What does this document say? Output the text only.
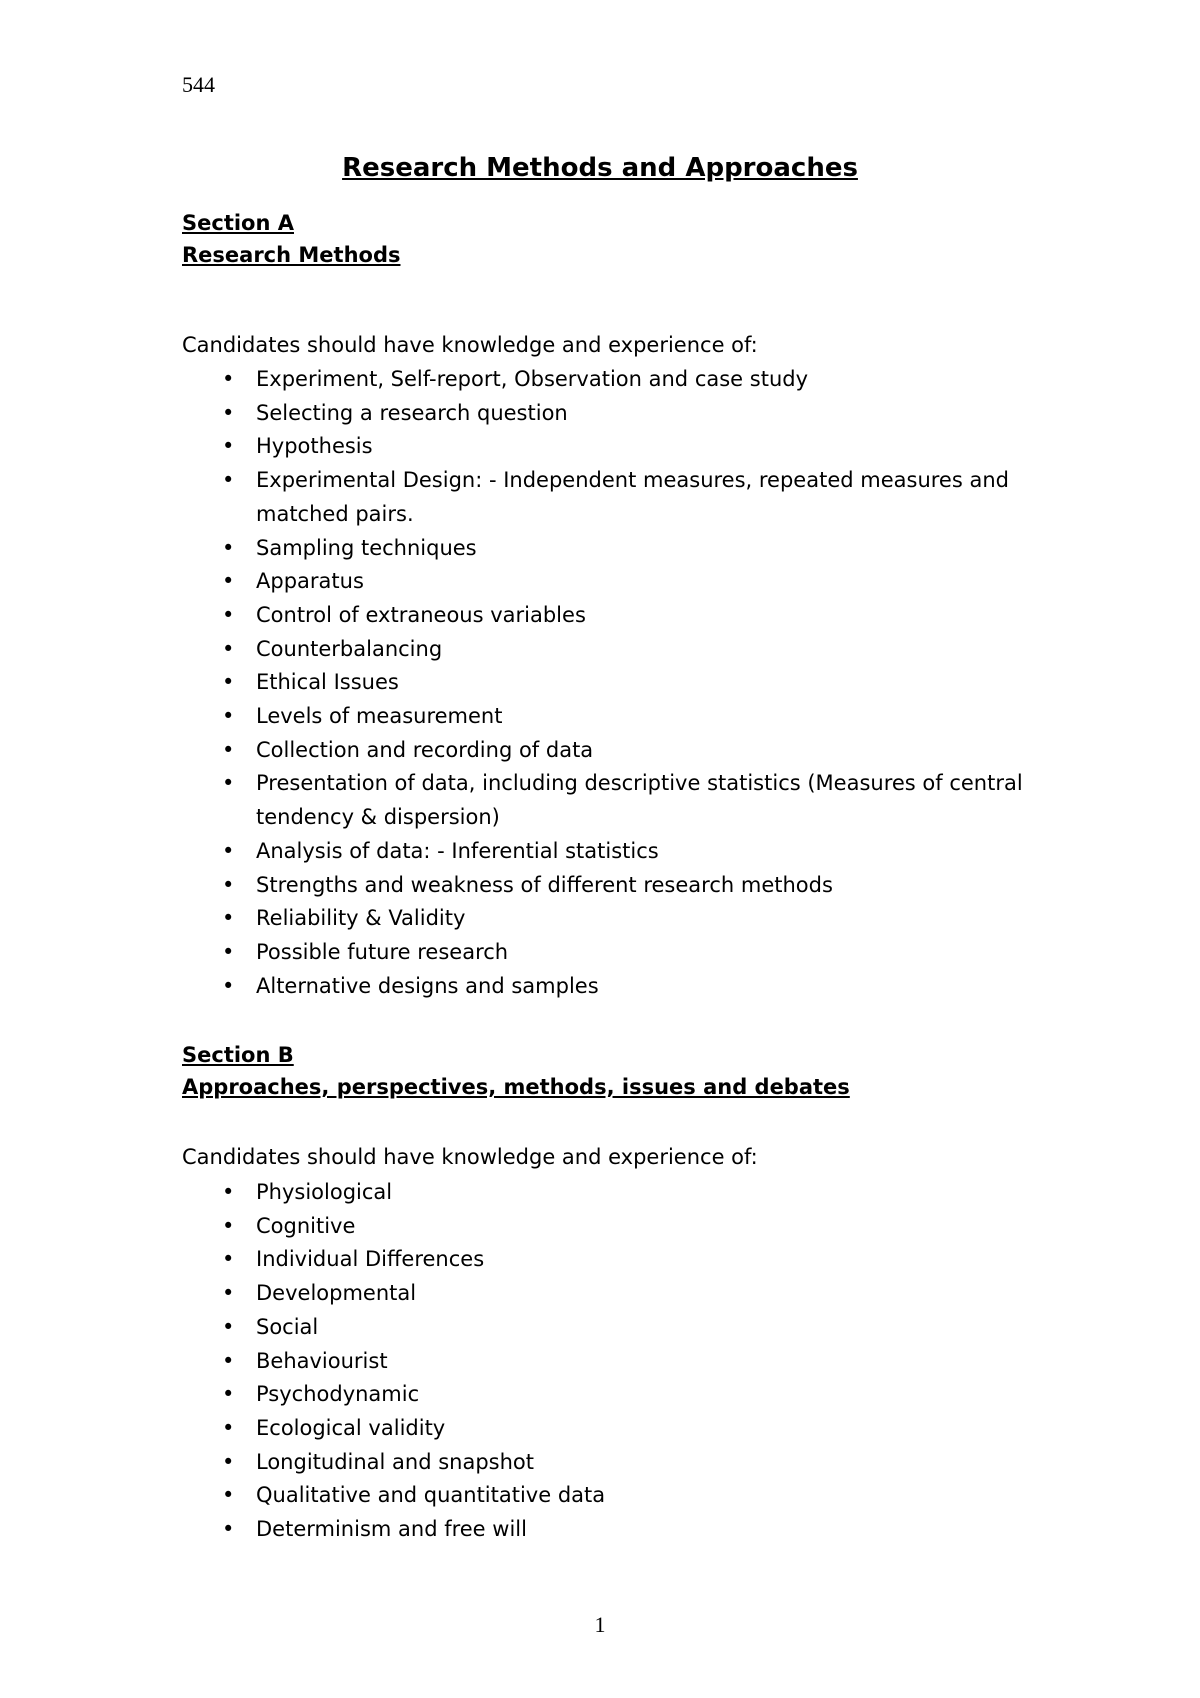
544
Research Methods and Approaches
Section A
Research Methods

Candidates should have knowledge and experience of:

• Experiment, Self-report, Observation and case study
• Selecting a research question
• Hypothesis
• Experimental Design: - Independent measures, repeated measures and matched pairs.
• Sampling techniques
• Apparatus
• Control of extraneous variables
• Counterbalancing
• Ethical Issues
• Levels of measurement
• Collection and recording of data
• Presentation of data, including descriptive statistics (Measures of central tendency & dispersion)
• Analysis of data: - Inferential statistics
• Strengths and weakness of different research methods
• Reliability & Validity
• Possible future research
• Alternative designs and samples
Section B
Approaches, perspectives, methods, issues and debates

Candidates should have knowledge and experience of:

• Physiological
• Cognitive
• Individual Differences
• Developmental
• Social
• Behaviourist
• Psychodynamic
• Ecological validity
• Longitudinal and snapshot
• Qualitative and quantitative data
• Determinism and free will
1
